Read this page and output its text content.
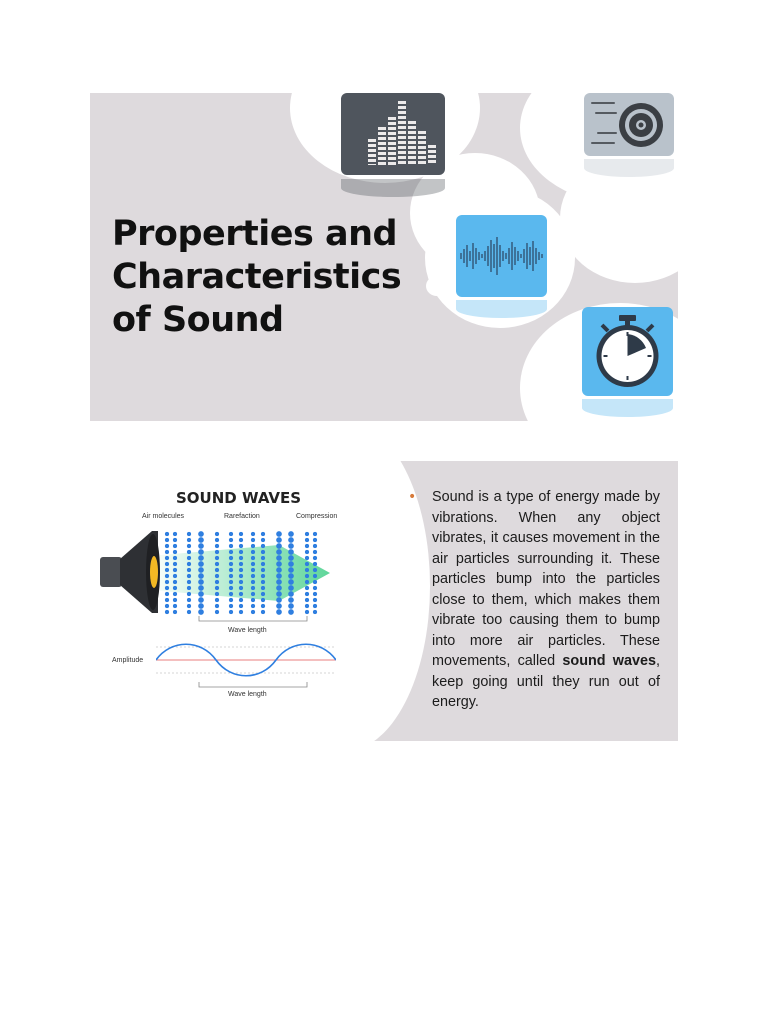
Properties and
Characteristics
of Sound
SOUND WAVES
Air molecules	Rarefaction	Compression
Wave length
Amplitude
Wave length
•	Sound is a type of energy made by vibrations. When any object vibrates, it causes movement in the air particles surrounding it. These particles bump into the particles close to them, which makes them vibrate too causing them to bump into more air particles. These movements, called sound waves, keep going until they run out of energy.
